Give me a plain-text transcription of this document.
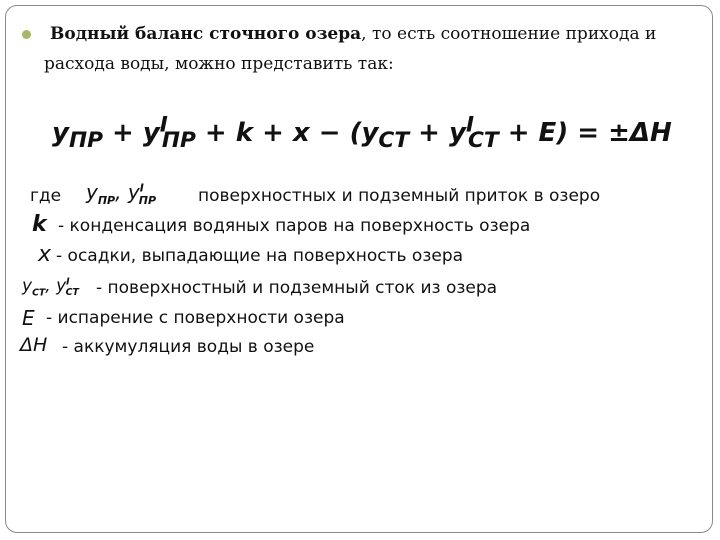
Водный баланс сточного озера, то есть соотношение прихода и
расхода воды, можно представить так:
$y_{ПР} + y^I_{ПР} + k + x - (y_{СТ} + y^I_{СТ} + E) = \pm\Delta H$
где $y_{ПР}$, $y^I_{ПР}$ поверхностных и подземный приток в озеро
k - конденсация водяных паров на поверхность озера
x - осадки, выпадающие на поверхность озера
$y_{СТ}$, $y^I_{СТ}$ - поверхностный и подземный сток из озера
E - испарение с поверхности озера
ΔH - аккумуляция воды в озере
